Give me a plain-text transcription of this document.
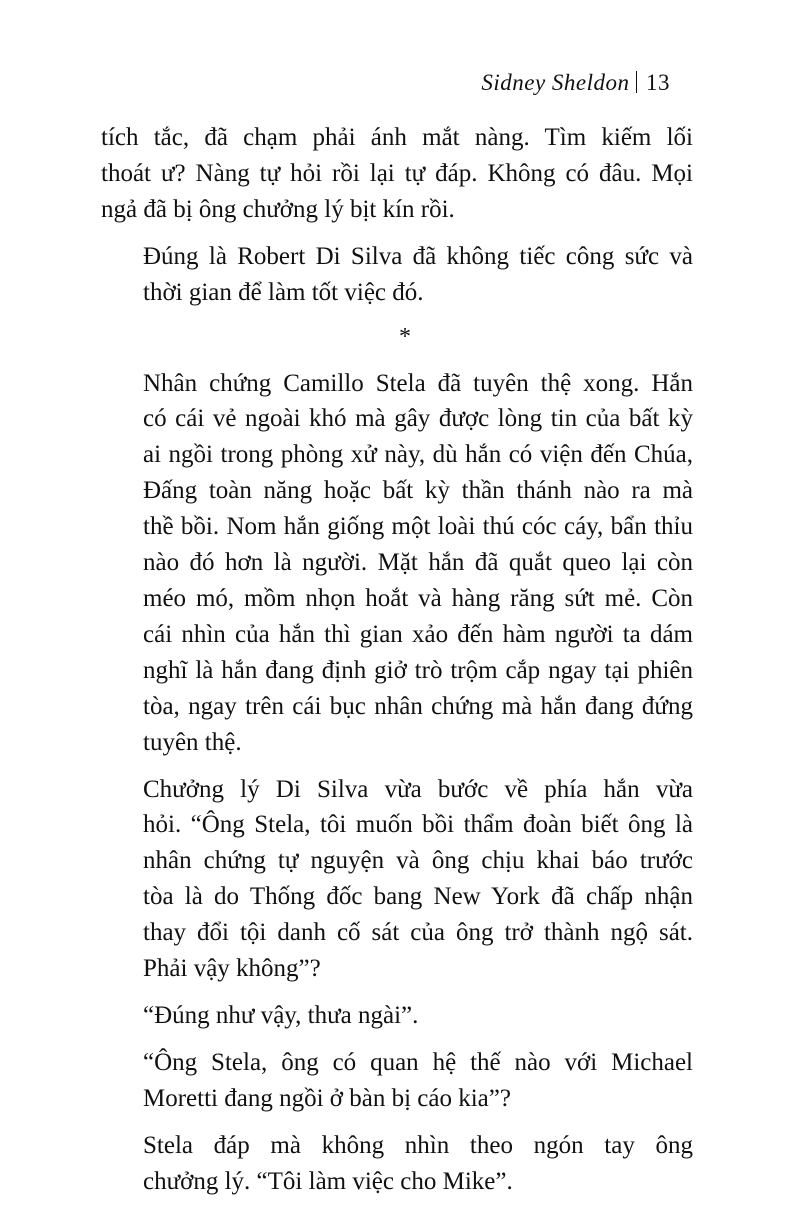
Sidney Sheldon 13
tích tắc, đã chạm phải ánh mắt nàng. Tìm kiếm lối
thoát ư? Nàng tự hỏi rồi lại tự đáp. Không có đâu. Mọi
ngả đã bị ông chưởng lý bịt kín rồi.
Đúng là Robert Di Silva đã không tiếc công sức và
thời gian để làm tốt việc đó.
*
Nhân chứng Camillo Stela đã tuyên thệ xong. Hắn
có cái vẻ ngoài khó mà gây được lòng tin của bất kỳ
ai ngồi trong phòng xử này, dù hắn có viện đến Chúa,
Đấng toàn năng hoặc bất kỳ thần thánh nào ra mà
thề bồi. Nom hắn giống một loài thú cóc cáy, bẩn thỉu
nào đó hơn là người. Mặt hắn đã quắt queo lại còn
méo mó, mồm nhọn hoắt và hàng răng sứt mẻ. Còn
cái nhìn của hắn thì gian xảo đến hàm người ta dám
nghĩ là hắn đang định giở trò trộm cắp ngay tại phiên
tòa, ngay trên cái bục nhân chứng mà hắn đang đứng
tuyên thệ.
Chưởng lý Di Silva vừa bước về phía hắn vừa
hỏi. “Ông Stela, tôi muốn bồi thẩm đoàn biết ông là
nhân chứng tự nguyện và ông chịu khai báo trước
tòa là do Thống đốc bang New York đã chấp nhận
thay đổi tội danh cố sát của ông trở thành ngộ sát.
Phải vậy không”?
“Đúng như vậy, thưa ngài”.
“Ông Stela, ông có quan hệ thế nào với Michael
Moretti đang ngồi ở bàn bị cáo kia”?
Stela đáp mà không nhìn theo ngón tay ông
chưởng lý. “Tôi làm việc cho Mike”.
